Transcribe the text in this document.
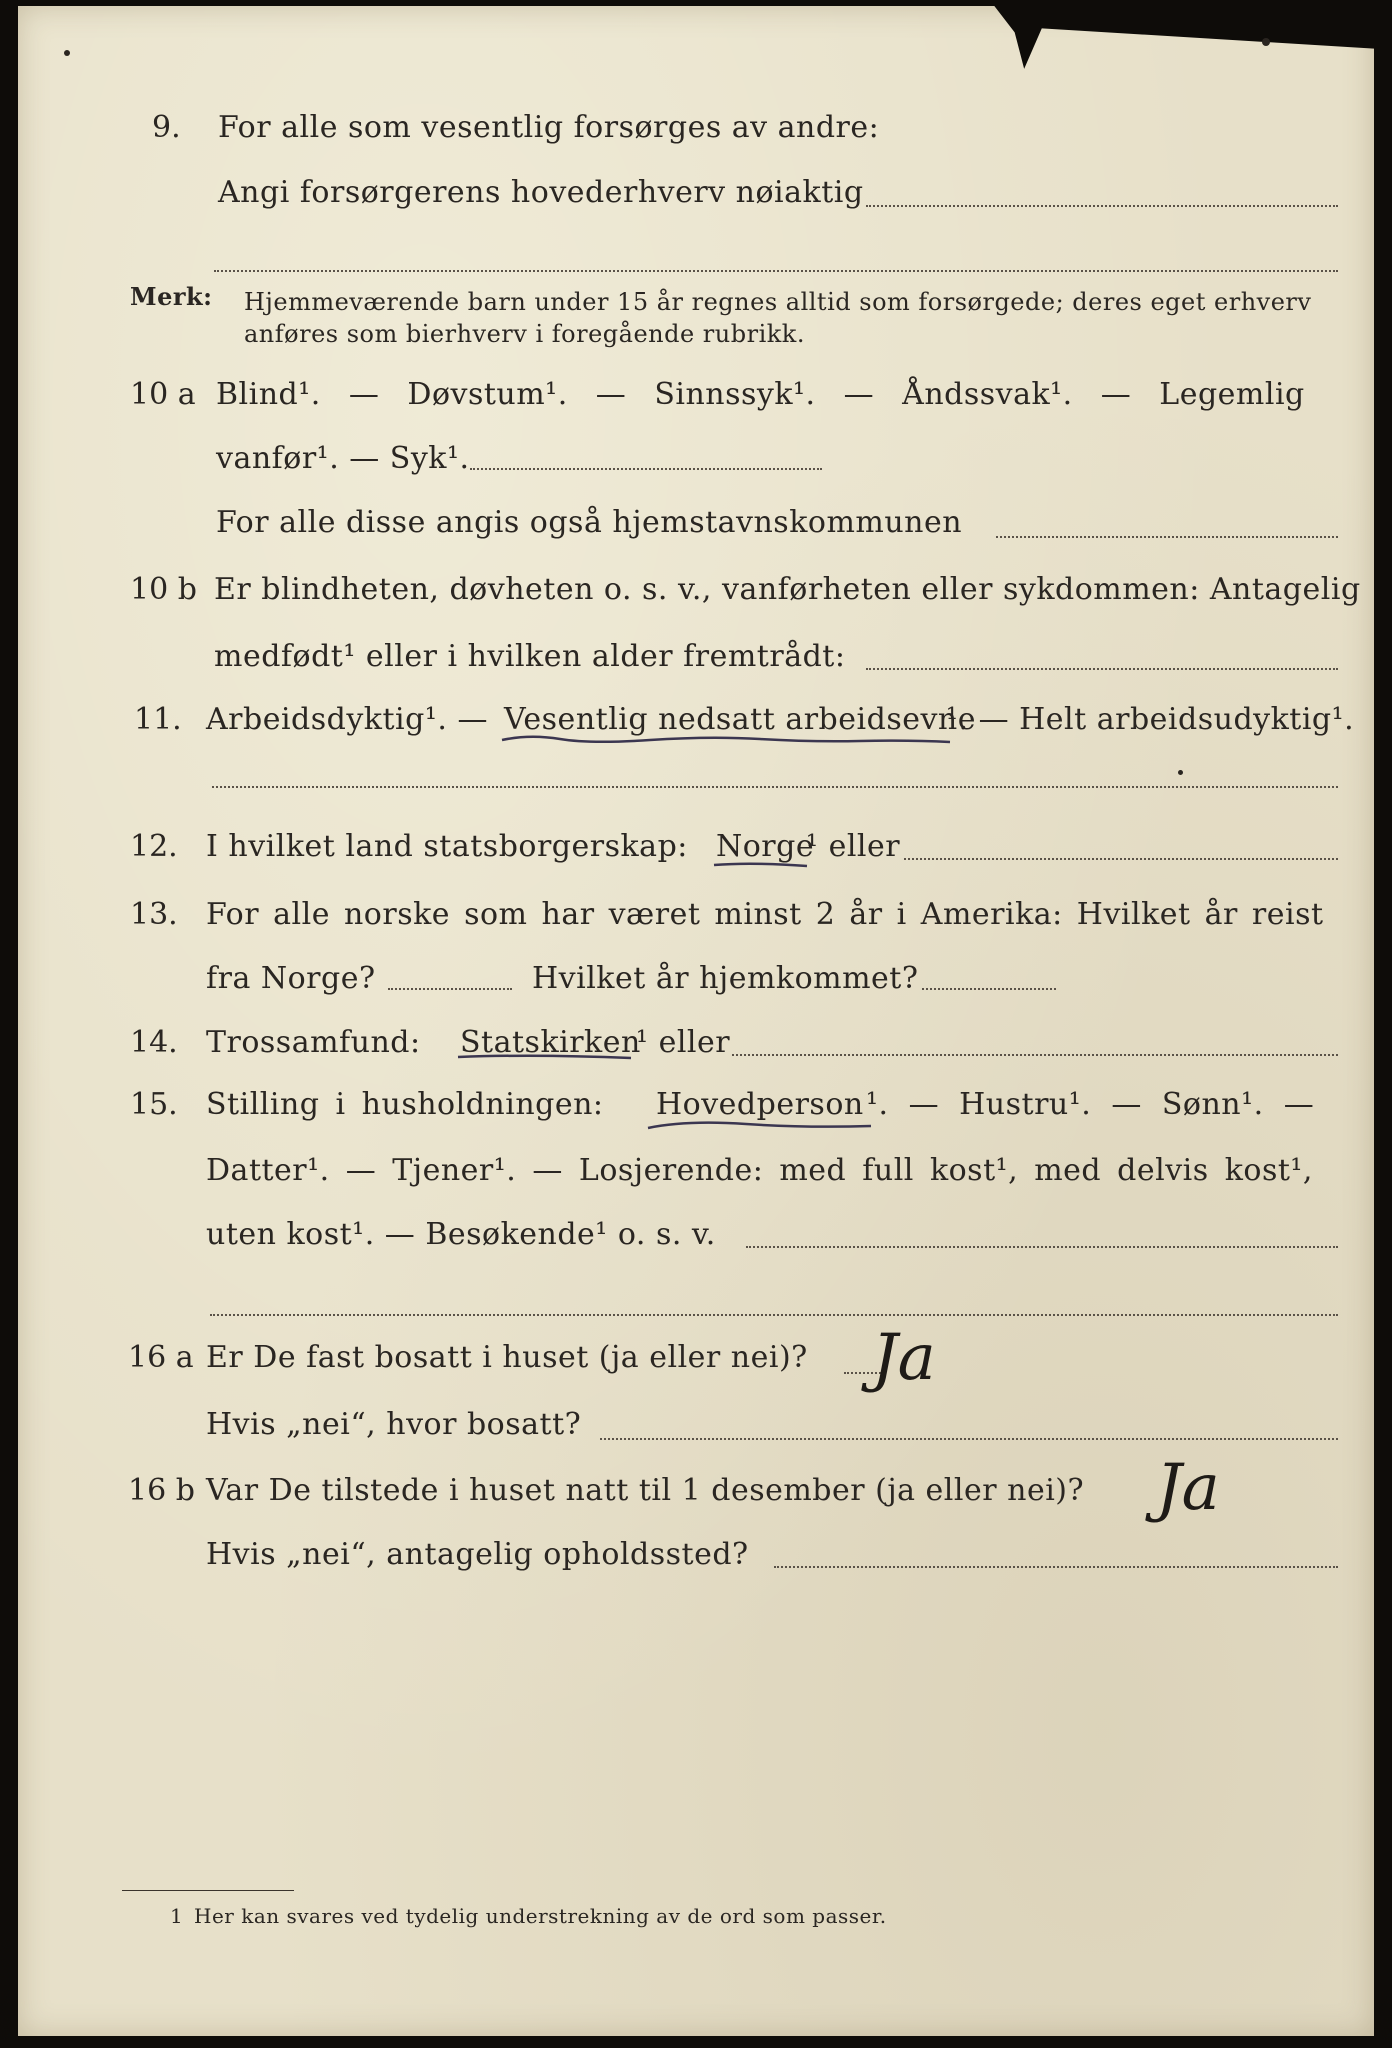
9. For alle som vesentlig forsørges av andre:
Angi forsørgerens hovederhverv nøiaktig
Merk: Hjemmeværende barn under 15 år regnes alltid som forsørgede; deres eget erhverv
anføres som bierhverv i foregående rubrikk.
10 a Blind¹. — Døvstum¹. — Sinnssyk¹. — Åndssvak¹. — Legemlig
vanfør¹. — Syk¹.
For alle disse angis også hjemstavnskommunen
10 b Er blindheten, døvheten o. s. v., vanførheten eller sykdommen: Antagelig
medfødt¹ eller i hvilken alder fremtrådt:
11. Arbeidsdyktig¹. — Vesentlig nedsatt arbeidsevne
¹. — Helt arbeidsudyktig¹.
12. I hvilket land statsborgerskap: Norge
¹ eller
13. For alle norske som har været minst 2 år i Amerika: Hvilket år reist
fra Norge?	Hvilket år hjemkommet?
14. Trossamfund: Statskirken
¹ eller
15. Stilling i husholdningen: Hovedperson ¹. — Hustru¹. — Sønn¹. —
Datter¹. — Tjener¹. — Losjerende: med full kost¹, med delvis kost¹,
uten kost¹. — Besøkende¹ o. s. v.
16 a Er De fast bosatt i huset (ja eller nei)? Ja
Hvis „nei“, hvor bosatt?
16 b Var De tilstede i huset natt til 1 desember (ja eller nei)? Ja
Hvis „nei“, antagelig opholdssted?
1 Her kan svares ved tydelig understrekning av de ord som passer.
